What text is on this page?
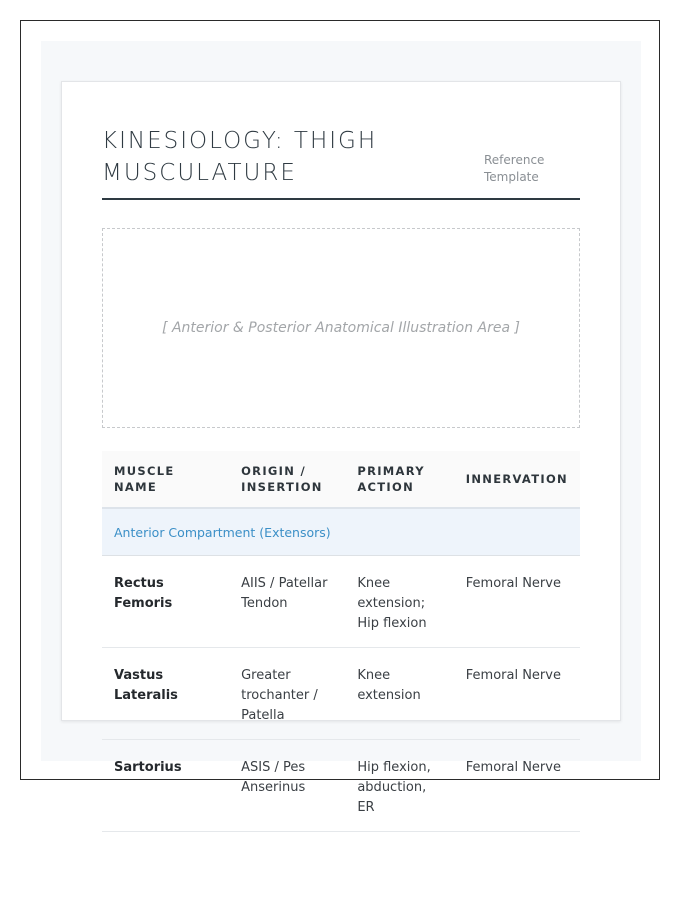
KINESIOLOGY: THIGH MUSCULATURE	Reference
Template
[ Anterior & Posterior Anatomical Illustration Area ]
MUSCLE NAME	ORIGIN / INSERTION	PRIMARY ACTION	INNERVATION
Anterior Compartment (Extensors)			
Rectus Femoris	AIIS / Patellar Tendon	Knee extension; Hip flexion	Femoral Nerve
Vastus Lateralis	Greater trochanter / Patella	Knee extension	Femoral Nerve
Sartorius	ASIS / Pes Anserinus	Hip flexion, abduction, ER	Femoral Nerve
